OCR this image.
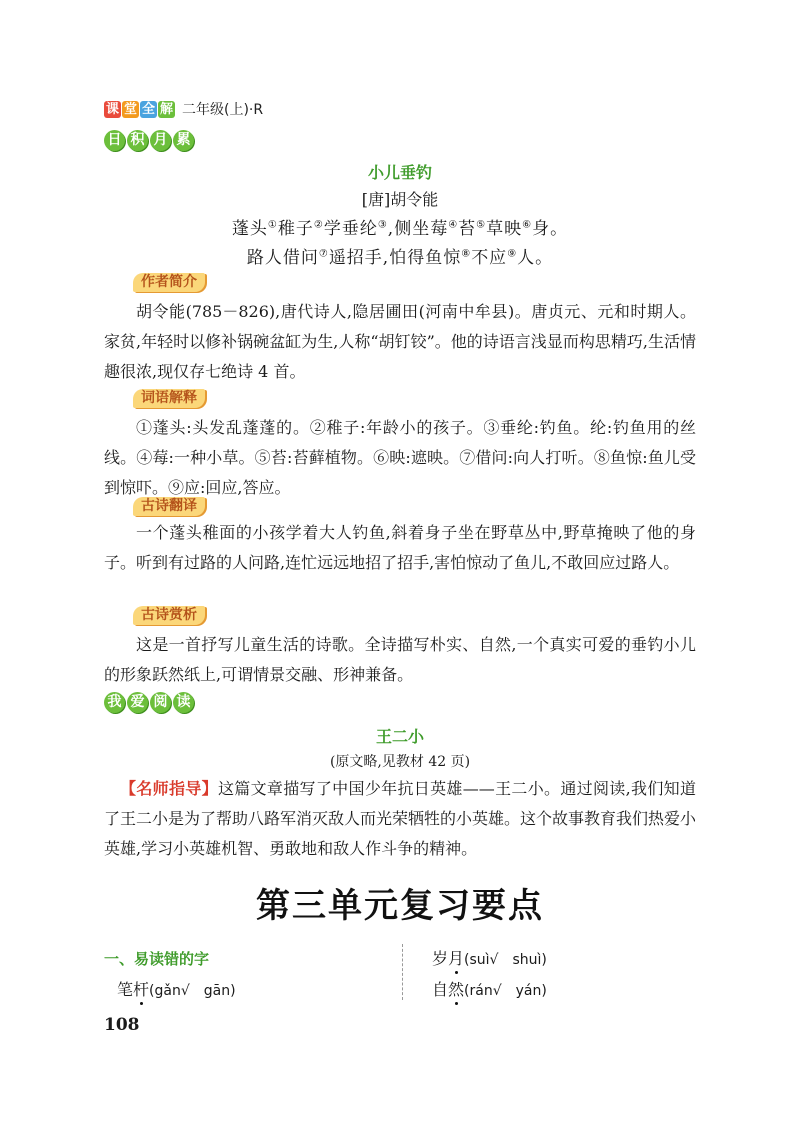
课 堂 全 解 二年级(上)·R
日 积 月 累
小儿垂钓
[唐]胡令能
蓬头①稚子②学垂纶③,侧坐莓④苔⑤草映⑥身。
路人借问⑦遥招手,怕得鱼惊⑧不应⑨人。
作者简介
胡令能(785－826),唐代诗人,隐居圃田(河南中牟县)。唐贞元、元和时期人。家贫,年轻时以修补锅碗盆缸为生,人称“胡钉铰”。他的诗语言浅显而构思精巧,生活情趣很浓,现仅存七绝诗 4 首。
词语解释
①蓬头:头发乱蓬蓬的。②稚子:年龄小的孩子。③垂纶:钓鱼。纶:钓鱼用的丝线。④莓:一种小草。⑤苔:苔藓植物。⑥映:遮映。⑦借问:向人打听。⑧鱼惊:鱼儿受到惊吓。⑨应:回应,答应。
古诗翻译
一个蓬头稚面的小孩学着大人钓鱼,斜着身子坐在野草丛中,野草掩映了他的身子。听到有过路的人问路,连忙远远地招了招手,害怕惊动了鱼儿,不敢回应过路人。
古诗赏析
这是一首抒写儿童生活的诗歌。全诗描写朴实、自然,一个真实可爱的垂钓小儿的形象跃然纸上,可谓情景交融、形神兼备。
我 爱 阅 读
王二小
(原文略,见教材 42 页)
【名师指导】这篇文章描写了中国少年抗日英雄——王二小。通过阅读,我们知道了王二小是为了帮助八路军消灭敌人而光荣牺牲的小英雄。这个故事教育我们热爱小英雄,学习小英雄机智、勇敢地和敌人作斗争的精神。
第三单元复习要点
一、易读错的字
笔杆(gǎn√　gān)
岁月(suì√　shuì)
自然(rán√　yán)
108
